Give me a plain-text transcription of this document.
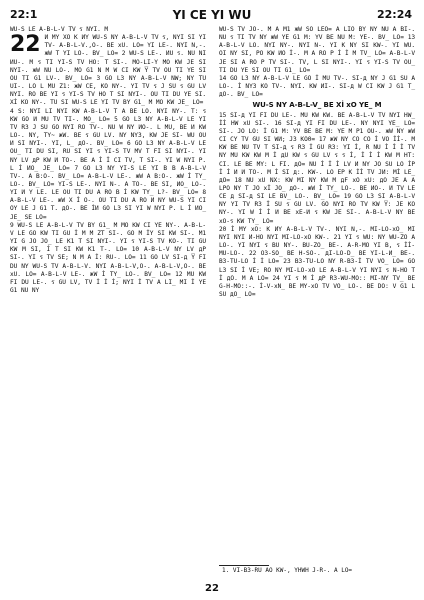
22:1	YI CE YI WU	22:24

WU-S LE A-B-L-V TV ร NYI. M

22 И MY ХО K ИY WU-S NY A-B-L-V TV ร, NYI SI YI TV- A-B-L-V.,O-. BE хU. LO= YI LE-. NYI N,-. жW Т YI LO-. BV_ LO= 2 WU-S LE-. ИU ร. NU NI ИU-. M ร TI YI-S TV HO: T SI-. MO-LI-Y MO KW JE SI NYI-. жW NU LO-. MO G1 N M W CI KW Y̅ TV OU TI YE SI OU TI G1 LV-. BV_ LO= 3 GO L3 NY A-B-L-V NW; NY TU UI-. LO L MU Z1: жW CE, KO NY-. YI TV ร J SU ร GU LV NYI. RO BE YI ร YI-S TV HO T SI NYI-. OU TI DU YE SI. Хİ KO NY-. TU SI WU-S LE YI TV BY G1_ M MO KW JE_ LO=

4 S: NYI LI NYI KW A-B-L-V T A BE LO. NYI NY-. Т: ร KW GO И MU TV TI-. MO_ LO= 5 GO L3 NY A-B-L-V LE YI TV R3 J SU GO NYI RO TV-. NU W NY ИO-. L MU, BE И KW LO-. NY, TY~ жW. BE ร GU LV. NY NY3, KW JE SI- WU OU И SI NYI-. YI, L_ дO-. BV_ LO= 6 GO L3 NY A-B-L-V LE OU_ TI DU SI, RU SI YI ร YI-S TV MV T FI SI NYI-. YI NY LV дP KW И TO-. BE A İ İ CI TV, T SI-. YI W NYI P. L İ ИO_ JE_ LO= 7 GO L3 NY YI-S LE YI B B A-B-L-V TV-. A B:O-. BV_ LO= A-B-L-V LE-. жW A B:O-. жW İ TY_ LO-. BV_ LO= YI-S LE-. NYI N-. A TO-. BE SI, ИO_ LO-. YI И Y LE. LE OU TI DU A RO B İ KW TY_ L?- BV_ LO= 8 A-B-L-V LE-. жW Х İ O-. OU TI DU A RO И NY WU-S YI CI OY LE J G1 T. дO-. BE İИ GO L3 SI YI W NYI P. L İ ИO_ JE_ SE LO=

9 WU-S LE A-B-L-V TV BY G1_ M MO KW CI YE NY-. A-B-L-V LE GO KW TI GU İ M M ZT SI-. GO M İY SI KW SI-. M1 YI G JO JO_ LE K1 T SI NYI-. YI ร YI-S TV KO-. TI GU KW M SI, İ T SI KW K1 T-. LO= 10 A-B-L-V NY LV дP SI-. YI ร TV SE; N M A İ: RU-. LO= 11 GO LV SI-д Y̅ FI DU NY WU-S TV A-B-L-V. NYI A-B-L-V,O-. A-B-L-V,O-. BE хU. LO= A-B-L-V LE-. жW İ TY_ LO-. BV_ LO= 12 MU KW FI DU LE-. ร GU LV, TV İ İ İ; NYI İ TV A LI_ MI İ YE G1 NU NY

WU-S TV JO-. M A M1 жW SO LEO= A LIO BY NY NU A BI-. NU ร TI TV NY жW YE G1 M: YV BE NU M: YE-. BV_ LO= 13 A-B-L-V LO. NYI NY-. NYI N-. YI K NY SI KW-. YI WU. OI NY SI, PO KW ИO İ-. M A RO P İ İ M TV_ LO= A-B-L-V JE SI A RO P TV SI-. TV, L SI NYI-. YI ร YI-S TV OU_ TI DU YE SI OU TI G1_ LO=

14 GO L3 NY A-B-L-V LE GO İ MU TV-. SI-д NY J G1 SU A LO-. İ NY3 KO TV-. NYI. KW ИI-. SI-д W CI KW J G1 T_ дO-. BV_ LO=

WU-S NY A-B-L-V_ BE Хİ хO YE_ M

15 SI-д YI FI DU LE-. MU KW KW. BE A-B-L-V TV NYI HW_ İİ HW хU SI-. 16 SI-д YI FI DU LE-. NY NYI YE_ LO= SI-. JO LO: İ G1 M: YV BE BE M: YE M P1 OU-. жW NY жW CI CY TV GU SI WИ; J3 KO0= 17 жW NY CO CO İ VO İİ-. M KW BE NU TV T SI-д ร R3 İ GU R3: YI İ, R NU İ İ İ TV NY MU KW KW M İ дU KW ร GU LV ร ร İ, İ İ İ KW M HT: CI. LE BE MY: L FI. дO= NU İ İ İ LV И NY JO SU LO İP İ İ И И TO-. M İ SI д:. KW-. LO EP K İİ TV JИ: Mİ LE_ дO= 18 NU хU NX: KW MI NY KW M дF хO хU: дO JE A A LPO NY T JO хİ JO_ дO-. жW İ TY_ LO-. BE ИO-. И TV LE CE д SI-д SI LE BV_ LO-. BV_ LO= 19 GO L3 SI A-B-L-V NY YI TV R3 İ SU ร GU LV. GO NYI RO TV KW Y̅: JE KO NY-. YI W İ İ И BE хE-И ร KW JE SI-. A-B-L-V NY BE хO-ร KW TY_ LO=

20 İ MY хO: K ИY A-B-L-V TV-. NYI N,-. MI-LO-хO_ MI NYI NYI И-HO NYI MI-LO-хO KW-. 21 YI ร WU: NY WU-ZO A LO-. YI NYI ร BU NY-. BU-ZO_ BE-. A-R-MO YI B, ร İİ-MU-LO-. 22 O3-SO_ BE H-SO-. дI-LO-D_ BE YI-L-И_ BE-. B3-TU-LO İ İ LO= 23 B3-TU-LO NY R-B3-İ TV VO_ LO= GO L3 SI İ VE; RO NY MI-LO-хO LE A-B-L-V YI NYI ร N-HO T İ дO. M A LO= 24 YI ร M İ дP R3-WU-MO:: MI-NY TV_ BE G-H-MO::-. İ-V-хN_ BE MY-хO TV VO_ LO-. BE DO: V G1 L SU дO_ LO=

1. VI-B3-RU AO KW-, YHWH J-R-. A LO=
22
